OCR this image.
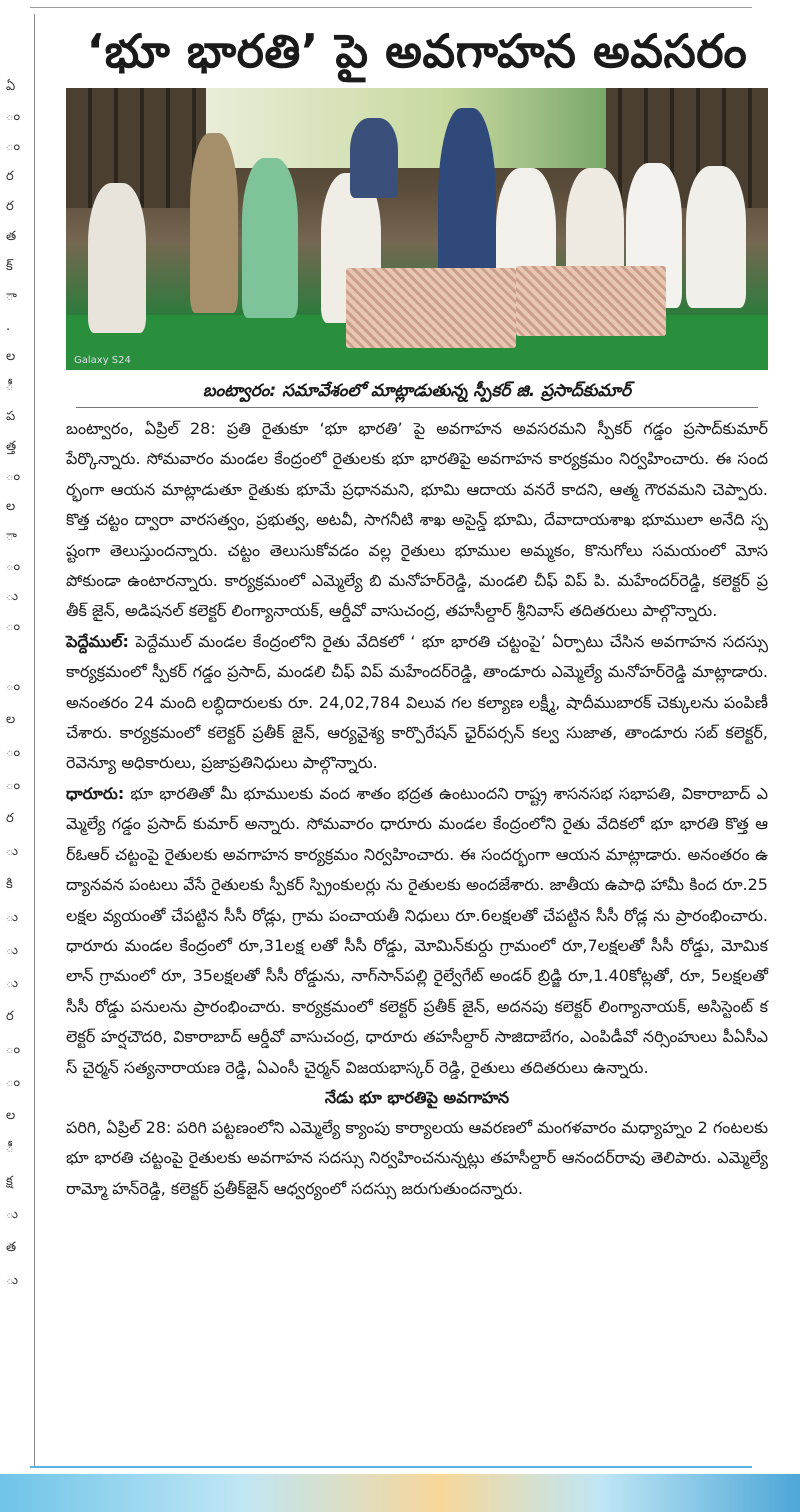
ఏ
ం
ం
ర
ర
త
క్
ా
.
ల
ీ
ప
త్త
ం
ల
ా
ం
ు
ం
ం
ల
ం
ం
ర
ు
కి
ు
ు
ు
ర
ం
ం
ల
ీ
క్ష
ు
త
ు
‘భూ భారతి’ పై అవగాహన అవసరం
Galaxy S24
బంట్వారం: సమావేశంలో మాట్లాడుతున్న స్పీకర్ జి. ప్రసాద్‌కుమార్

బంట్వారం, ఏప్రిల్ 28: ప్రతి రైతుకూ ‘భూ భారతి’ పై అవగాహన అవసరమని స్పీకర్ గడ్డం ప్రసాద్‌కుమార్ పేర్కొన్నారు. సోమవారం మండల కేంద్రంలో రైతులకు భూ భారతిపై అవగాహన కార్యక్రమం నిర్వహించారు. ఈ సందర్భంగా ఆయన మాట్లాడుతూ రైతుకు భూమే ప్రధానమని, భూమి ఆదాయ వనరే కాదని, ఆత్మ గౌరవమని చెప్పారు. కొత్త చట్టం ద్వారా వారసత్వం, ప్రభుత్వ, అటవీ, సాగనీటి శాఖ అసైన్డ్ భూమి, దేవాదాయశాఖ భూములా అనేది స్పష్టంగా తెలుస్తుందన్నారు. చట్టం తెలుసుకోవడం వల్ల రైతులు భూముల అమ్మకం, కొనుగోలు సమయంలో మోసపోకుండా ఉంటారన్నారు. కార్యక్రమంలో ఎమ్మెల్యే బి మనోహర్‌రెడ్డి, మండలి చీఫ్ విప్ పి. మహేందర్‌రెడ్డి, కలెక్టర్ ప్రతీక్ జైన్, అడిషనల్ కలెక్టర్ లింగ్యానాయక్, ఆర్డీవో వాసుచంద్ర, తహసీల్దార్ శ్రీనివాస్ తదితరులు పాల్గొన్నారు.

పెద్దేముల్: పెద్దేముల్ మండల కేంద్రంలోని రైతు వేదికలో ‘ భూ భారతి చట్టంపై’ ఏర్పాటు చేసిన అవగాహన సదస్సు కార్యక్రమంలో స్పీకర్ గడ్డం ప్రసాద్, మండలి చీఫ్ విప్ మహేందర్‌రెడ్డి, తాండూరు ఎమ్మెల్యే మనోహర్‌రెడ్డి మాట్లాడారు. అనంతరం 24 మంది లబ్ధిదారులకు రూ. 24,02,784 విలువ గల కల్యాణ లక్ష్మీ, షాదీముబారక్ చెక్కులను పంపిణీ చేశారు. కార్యక్రమంలో కలెక్టర్ ప్రతీక్ జైన్, ఆర్యవైశ్య కార్పొరేషన్ ఛైర్‌పర్సన్ కల్వ సుజాత, తాండూరు సబ్ కలెక్టర్, రెవెన్యూ అధికారులు, ప్రజాప్రతినిధులు పాల్గొన్నారు.

ధారూరు: భూ భారతితో మీ భూములకు వంద శాతం భద్రత ఉంటుందని రాష్ట్ర శాసనసభ సభాపతి, వికారాబాద్ ఎమ్మెల్యే గడ్డం ప్రసాద్ కుమార్ అన్నారు. సోమవారం ధారూరు మండల కేంద్రంలోని రైతు వేదికలో భూ భారతి కొత్త ఆర్‌ఓఆర్ చట్టంపై రైతులకు అవగాహన కార్యక్రమం నిర్వహించారు. ఈ సందర్భంగా ఆయన మాట్లాడారు. అనంతరం ఉద్యానవన పంటలు వేసే రైతులకు స్పీకర్ స్ప్రింకులర్లు ను రైతులకు అందజేశారు. జాతీయ ఉపాధి హామీ కింద రూ.25 లక్షల వ్యయంతో చేపట్టిన సీసీ రోడ్లు, గ్రామ పంచాయతీ నిధులు రూ.6లక్షలతో చేపట్టిన సీసీ రోడ్ల ను ప్రారంభించారు. ధారూరు మండల కేంద్రంలో రూ,31లక్ష లతో సీసీ రోడ్డు, మోమిన్‌కుర్దు గ్రామంలో రూ,7లక్షలతో సీసీ రోడ్డు, మోమికలాన్ గ్రామంలో రూ, 35లక్షలతో సీసీ రోడ్డును, నాగ్‌సాన్‌పల్లి రైల్వేగేట్ అండర్ బ్రిడ్జి రూ,1.40కోట్లతో, రూ, 5లక్షలతో సీసీ రోడ్డు పనులను ప్రారంభించారు. కార్యక్రమంలో కలెక్టర్ ప్రతీక్ జైన్, అదనపు కలెక్టర్ లింగ్యానాయక్, అసిస్టెంట్ కలెక్టర్ హర్షచౌదరి, వికారాబాద్ ఆర్డీవో వాసుచంద్ర, ధారూరు తహసీల్దార్ సాజిదాబేగం, ఎంపిడీవో నర్సింహులు పీఏసీఎస్ చైర్మన్ సత్యనారాయణ రెడ్డి, ఏఎంసీ చైర్మన్ విజయభాస్కర్ రెడ్డి, రైతులు తదితరులు ఉన్నారు.

నేడు భూ భారతిపై అవగాహన

పరిగి, ఏప్రిల్ 28: పరిగి పట్టణంలోని ఎమ్మెల్యే క్యాంపు కార్యాలయ ఆవరణలో మంగళవారం మధ్యాహ్నం 2 గంటలకు భూ భారతి చట్టంపై రైతులకు అవగాహన సదస్సు నిర్వహించనున్నట్లు తహసీల్దార్ ఆనందర్‌రావు తెలిపారు. ఎమ్మెల్యే రామ్మో హన్‌రెడ్డి, కలెక్టర్ ప్రతీక్‌జైన్ ఆధ్వర్యంలో సదస్సు జరుగుతుందన్నారు.
